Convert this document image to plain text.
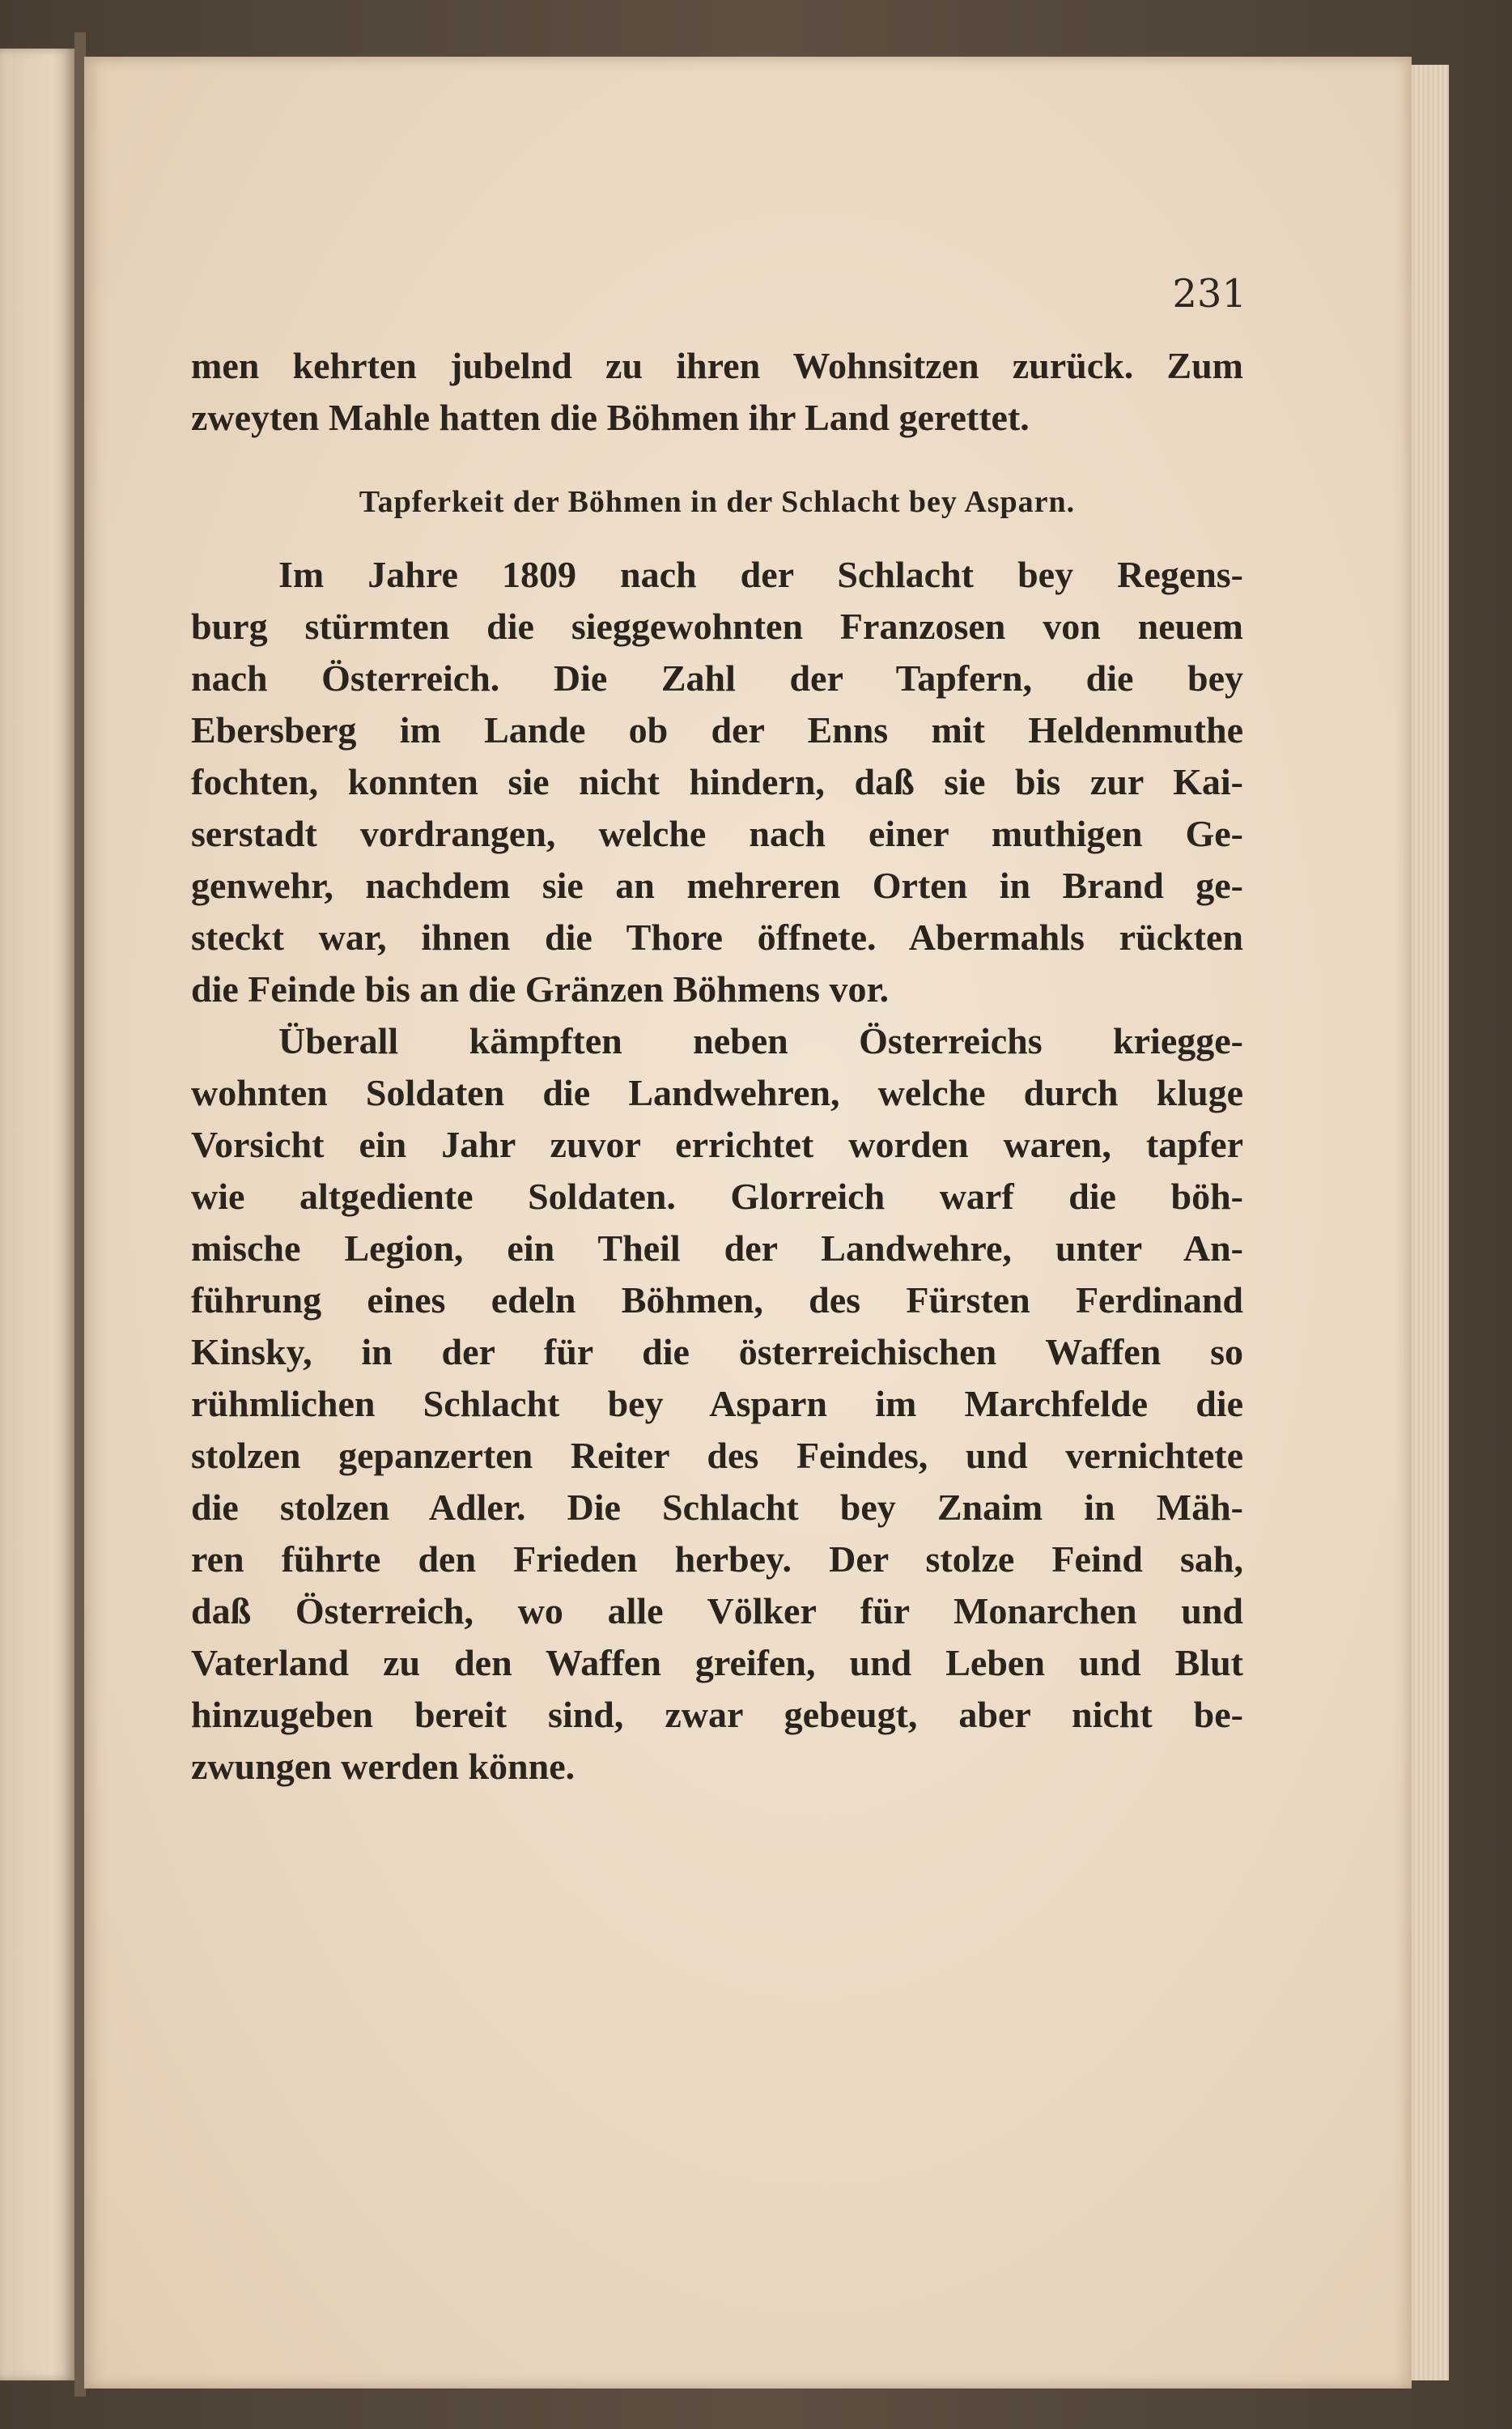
231
men kehrten jubelnd zu ihren Wohnsitzen zurück. Zum
zweyten Mahle hatten die Böhmen ihr Land gerettet.
Tapferkeit der Böhmen in der Schlacht bey Asparn.
Im Jahre 1809 nach der Schlacht bey Regens-
burg stürmten die sieggewohnten Franzosen von neuem
nach Österreich. Die Zahl der Tapfern, die bey
Ebersberg im Lande ob der Enns mit Heldenmuthe
fochten, konnten sie nicht hindern, daß sie bis zur Kai-
serstadt vordrangen, welche nach einer muthigen Ge-
genwehr, nachdem sie an mehreren Orten in Brand ge-
steckt war, ihnen die Thore öffnete. Abermahls rückten
die Feinde bis an die Gränzen Böhmens vor.
Überall kämpften neben Österreichs kriegge-
wohnten Soldaten die Landwehren, welche durch kluge
Vorsicht ein Jahr zuvor errichtet worden waren, tapfer
wie altgediente Soldaten. Glorreich warf die böh-
mische Legion, ein Theil der Landwehre, unter An-
führung eines edeln Böhmen, des Fürsten Ferdinand
Kinsky, in der für die österreichischen Waffen so
rühmlichen Schlacht bey Asparn im Marchfelde die
stolzen gepanzerten Reiter des Feindes, und vernichtete
die stolzen Adler. Die Schlacht bey Znaim in Mäh-
ren führte den Frieden herbey. Der stolze Feind sah,
daß Österreich, wo alle Völker für Monarchen und
Vaterland zu den Waffen greifen, und Leben und Blut
hinzugeben bereit sind, zwar gebeugt, aber nicht be-
zwungen werden könne.
